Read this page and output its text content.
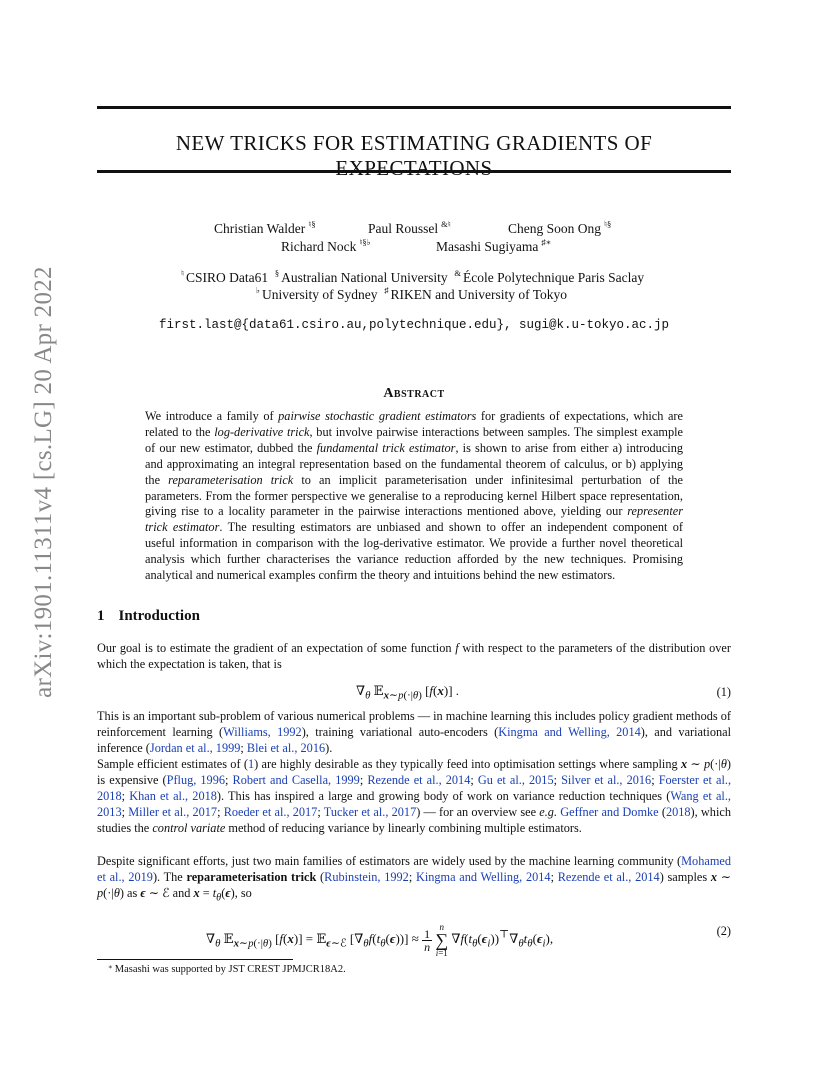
arXiv:1901.11311v4 [cs.LG] 20 Apr 2022
NEW TRICKS FOR ESTIMATING GRADIENTS OF EXPECTATIONS
Christian Walder ♮§	Paul Roussel &♮	Cheng Soon Ong ♮§
Richard Nock ♮§♭	Masashi Sugiyama ♯∗
♮ CSIRO Data61 § Australian National University & École Polytechnique Paris Saclay
♭ University of Sydney ♯ RIKEN and University of Tokyo
first.last@{data61.csiro.au,polytechnique.edu}, sugi@k.u-tokyo.ac.jp
Abstract
We introduce a family of pairwise stochastic gradient estimators for gradients of expectations, which are related to the log-derivative trick, but involve pairwise interactions between samples. The simplest example of our new estimator, dubbed the fundamental trick estimator, is shown to arise from either a) introducing and approximating an integral representation based on the fundamental theorem of calculus, or b) applying the reparameterisation trick to an implicit parameterisation under infinitesimal perturbation of the parameters. From the former perspective we generalise to a reproducing kernel Hilbert space representation, giving rise to a locality parameter in the pairwise interactions mentioned above, yielding our representer trick estimator. The resulting estimators are unbiased and shown to offer an independent component of useful information in comparison with the log-derivative estimator. We provide a further novel theoretical analysis which further characterises the variance reduction afforded by the new techniques. Promising analytical and numerical examples confirm the theory and intuitions behind the new estimators.
1 Introduction
Our goal is to estimate the gradient of an expectation of some function f with respect to the parameters of the distribution over which the expectation is taken, that is
$\nabla_\theta$ 𝔼$_{x\sim p(\cdot|\theta)}$ [f(x)] .	(1)
This is an important sub-problem of various numerical problems — in machine learning this includes policy gradient methods of reinforcement learning (Williams, 1992), training variational auto-encoders (Kingma and Welling, 2014), and variational inference (Jordan et al., 1999; Blei et al., 2016).
Sample efficient estimates of (1) are highly desirable as they typically feed into optimisation settings where sampling x ∼ p(·|θ) is expensive (Pflug, 1996; Robert and Casella, 1999; Rezende et al., 2014; Gu et al., 2015; Silver et al., 2016; Foerster et al., 2018; Khan et al., 2018). This has inspired a large and growing body of work on variance reduction techniques (Wang et al., 2013; Miller et al., 2017; Roeder et al., 2017; Tucker et al., 2017) — for an overview see e.g. Geffner and Domke (2018), which studies the control variate method of reducing variance by linearly combining multiple estimators.
Despite significant efforts, just two main families of estimators are widely used by the machine learning community (Mohamed et al., 2019). The reparameterisation trick (Rubinstein, 1992; Kingma and Welling, 2014; Rezende et al., 2014) samples x ∼ p(·|θ) as ϵ ∼ ℰ and $x = t_\theta(\epsilon)$, so
$\nabla_\theta$ 𝔼$_{x\sim p(\cdot|\theta)}$ [f(x)] = 𝔼$_{\epsilon\sim ℰ}$ $[\nabla_\theta f(t_\theta(\epsilon))] \approx 1$
n n
∑
i=1 $\nabla f(t_\theta(\epsilon_i))^⊤\nabla_\theta t_\theta(\epsilon_i)$,	(2)
∗ Masashi was supported by JST CREST JPMJCR18A2.
